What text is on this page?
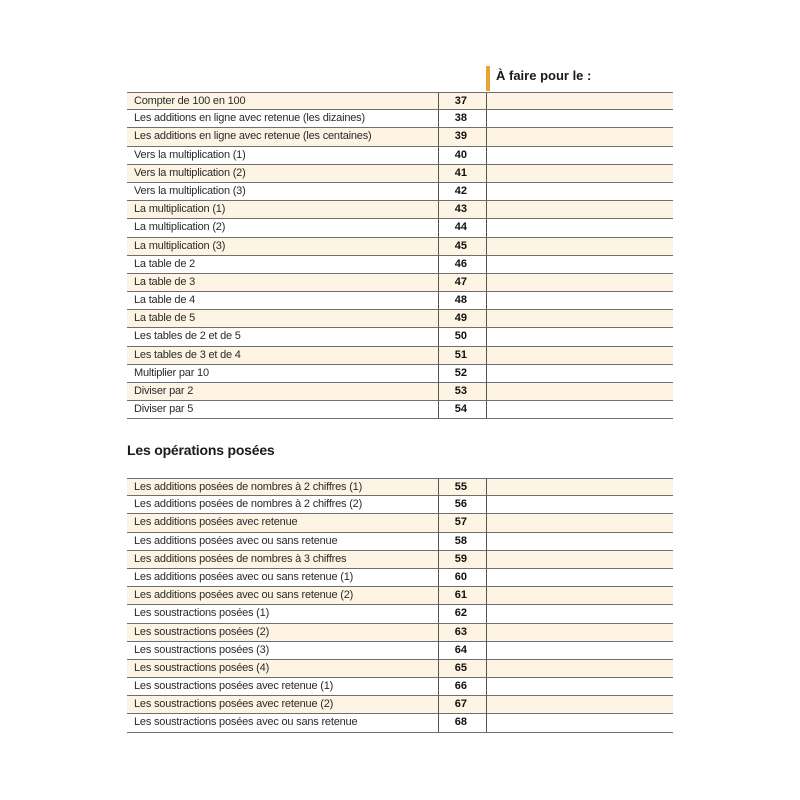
À faire pour le :
Compter de 100 en 100	37
Les additions en ligne avec retenue (les dizaines)	38
Les additions en ligne avec retenue (les centaines)	39
Vers la multiplication (1)	40
Vers la multiplication (2)	41
Vers la multiplication (3)	42
La multiplication (1)	43
La multiplication (2)	44
La multiplication (3)	45
La table de 2	46
La table de 3	47
La table de 4	48
La table de 5	49
Les tables de 2 et de 5	50
Les tables de 3 et de 4	51
Multiplier par 10	52
Diviser par 2	53
Diviser par 5	54
Les opérations posées
Les additions posées de nombres à 2 chiffres (1)	55
Les additions posées de nombres à 2 chiffres (2)	56
Les additions posées avec retenue	57
Les additions posées avec ou sans retenue	58
Les additions posées de nombres à 3 chiffres	59
Les additions posées avec ou sans retenue (1)	60
Les additions posées avec ou sans retenue (2)	61
Les soustractions posées (1)	62
Les soustractions posées (2)	63
Les soustractions posées (3)	64
Les soustractions posées (4)	65
Les soustractions posées avec retenue (1)	66
Les soustractions posées avec retenue (2)	67
Les soustractions posées avec ou sans retenue	68
